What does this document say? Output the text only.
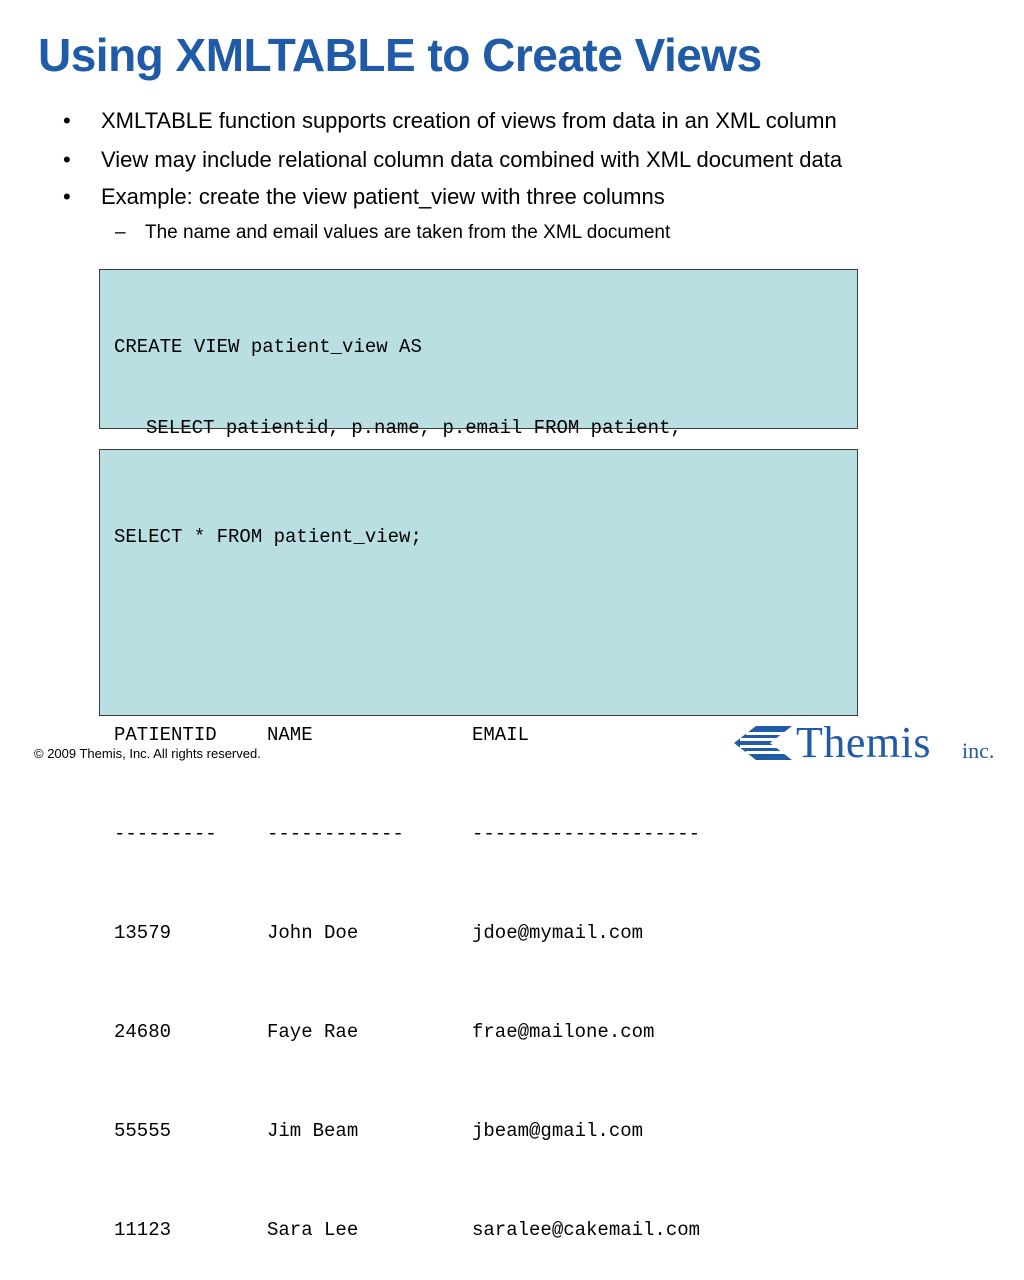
Using XMLTABLE to Create Views
• XMLTABLE function supports creation of views from data in an XML column
• View may include relational column data combined with XML document data
• Example: create the view patient_view with three columns
– The name and email values are taken from the XML document

CREATE VIEW patient_view AS

SELECT patientid, p.name, p.email FROM patient,

SELECT * FROM patient_view;

PATIENTID	NAME	EMAIL

---------	------------	--------------------

13579	John Doe	jdoe@mymail.com

24680	Faye Rae	frae@mailone.com

55555	Jim Beam	jbeam@gmail.com

11123	Sara Lee	saralee@cakemail.com

© 2009 Themis, Inc. All rights reserved.	Themis inc.
